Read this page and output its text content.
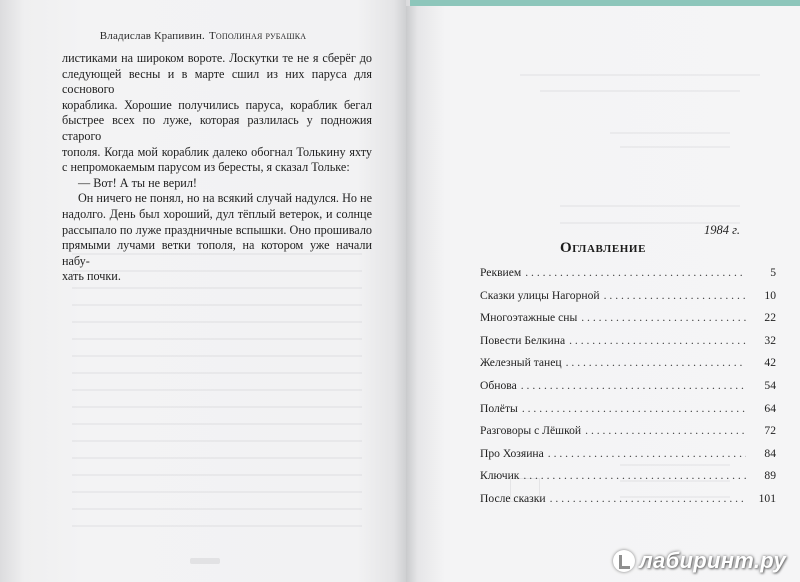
Владислав Крапивин. Тополиная рубашка
листиками на широком вороте. Лоскутки те не я сберёг до
следующей весны и в марте сшил из них паруса для соснового
кораблика. Хорошие получились паруса, кораблик бегал
быстрее всех по луже, которая разлилась у подножия старого
тополя. Когда мой кораблик далеко обогнал Толькину яхту
с непромокаемым парусом из бересты, я сказал Тольке:
— Вот! А ты не верил!
Он ничего не понял, но на всякий случай надулся. Но не
надолго. День был хороший, дул тёплый ветерок, и солнце
рассыпало по луже праздничные вспышки. Оно прошивало
прямыми лучами ветки тополя, на котором уже начали набу-
хать почки.
1984 г.
Оглавление
Реквием . . .	5
Сказки улицы Нагорной . . .	10
Многоэтажные сны . . .	22
Повести Белкина . . .	32
Железный танец . . .	42
Обнова . . .	54
Полёты . . .	64
Разговоры с Лёшкой . . .	72
Про Хозяина . . .	84
Ключик . . .	89
После сказки . . .	101
лабиринт.ру
